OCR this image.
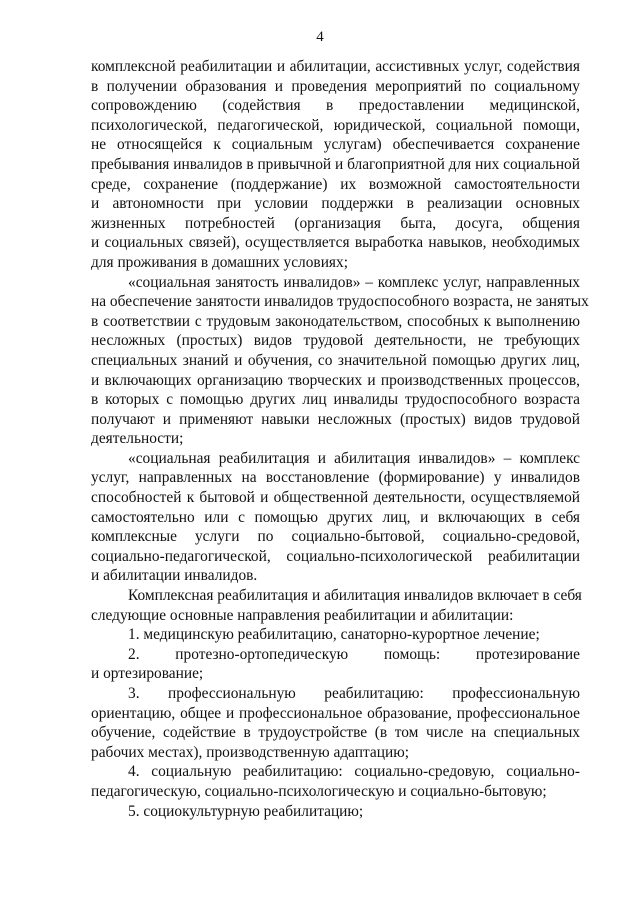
4
комплексной реабилитации и абилитации, ассистивных услуг, содействия
в получении образования и проведения мероприятий по социальному
сопровождению (содействия в предоставлении медицинской,
психологической, педагогической, юридической, социальной помощи,
не относящейся к социальным услугам) обеспечивается сохранение
пребывания инвалидов в привычной и благоприятной для них социальной
среде, сохранение (поддержание) их возможной самостоятельности
и автономности при условии поддержки в реализации основных
жизненных потребностей (организация быта, досуга, общения
и социальных связей), осуществляется выработка навыков, необходимых
для проживания в домашних условиях;
«социальная занятость инвалидов» – комплекс услуг, направленных
на обеспечение занятости инвалидов трудоспособного возраста, не занятых
в соответствии с трудовым законодательством, способных к выполнению
несложных (простых) видов трудовой деятельности, не требующих
специальных знаний и обучения, со значительной помощью других лиц,
и включающих организацию творческих и производственных процессов,
в которых с помощью других лиц инвалиды трудоспособного возраста
получают и применяют навыки несложных (простых) видов трудовой
деятельности;
«социальная реабилитация и абилитация инвалидов» – комплекс
услуг, направленных на восстановление (формирование) у инвалидов
способностей к бытовой и общественной деятельности, осуществляемой
самостоятельно или с помощью других лиц, и включающих в себя
комплексные услуги по социально-бытовой, социально-средовой,
социально-педагогической, социально-психологической реабилитации
и абилитации инвалидов.
Комплексная реабилитация и абилитация инвалидов включает в себя
следующие основные направления реабилитации и абилитации:
1. медицинскую реабилитацию, санаторно-курортное лечение;
2. протезно-ортопедическую помощь: протезирование
и ортезирование;
3. профессиональную реабилитацию: профессиональную
ориентацию, общее и профессиональное образование, профессиональное
обучение, содействие в трудоустройстве (в том числе на специальных
рабочих местах), производственную адаптацию;
4. социальную реабилитацию: социально-средовую, социально-
педагогическую, социально-психологическую и социально-бытовую;
5. социокультурную реабилитацию;
